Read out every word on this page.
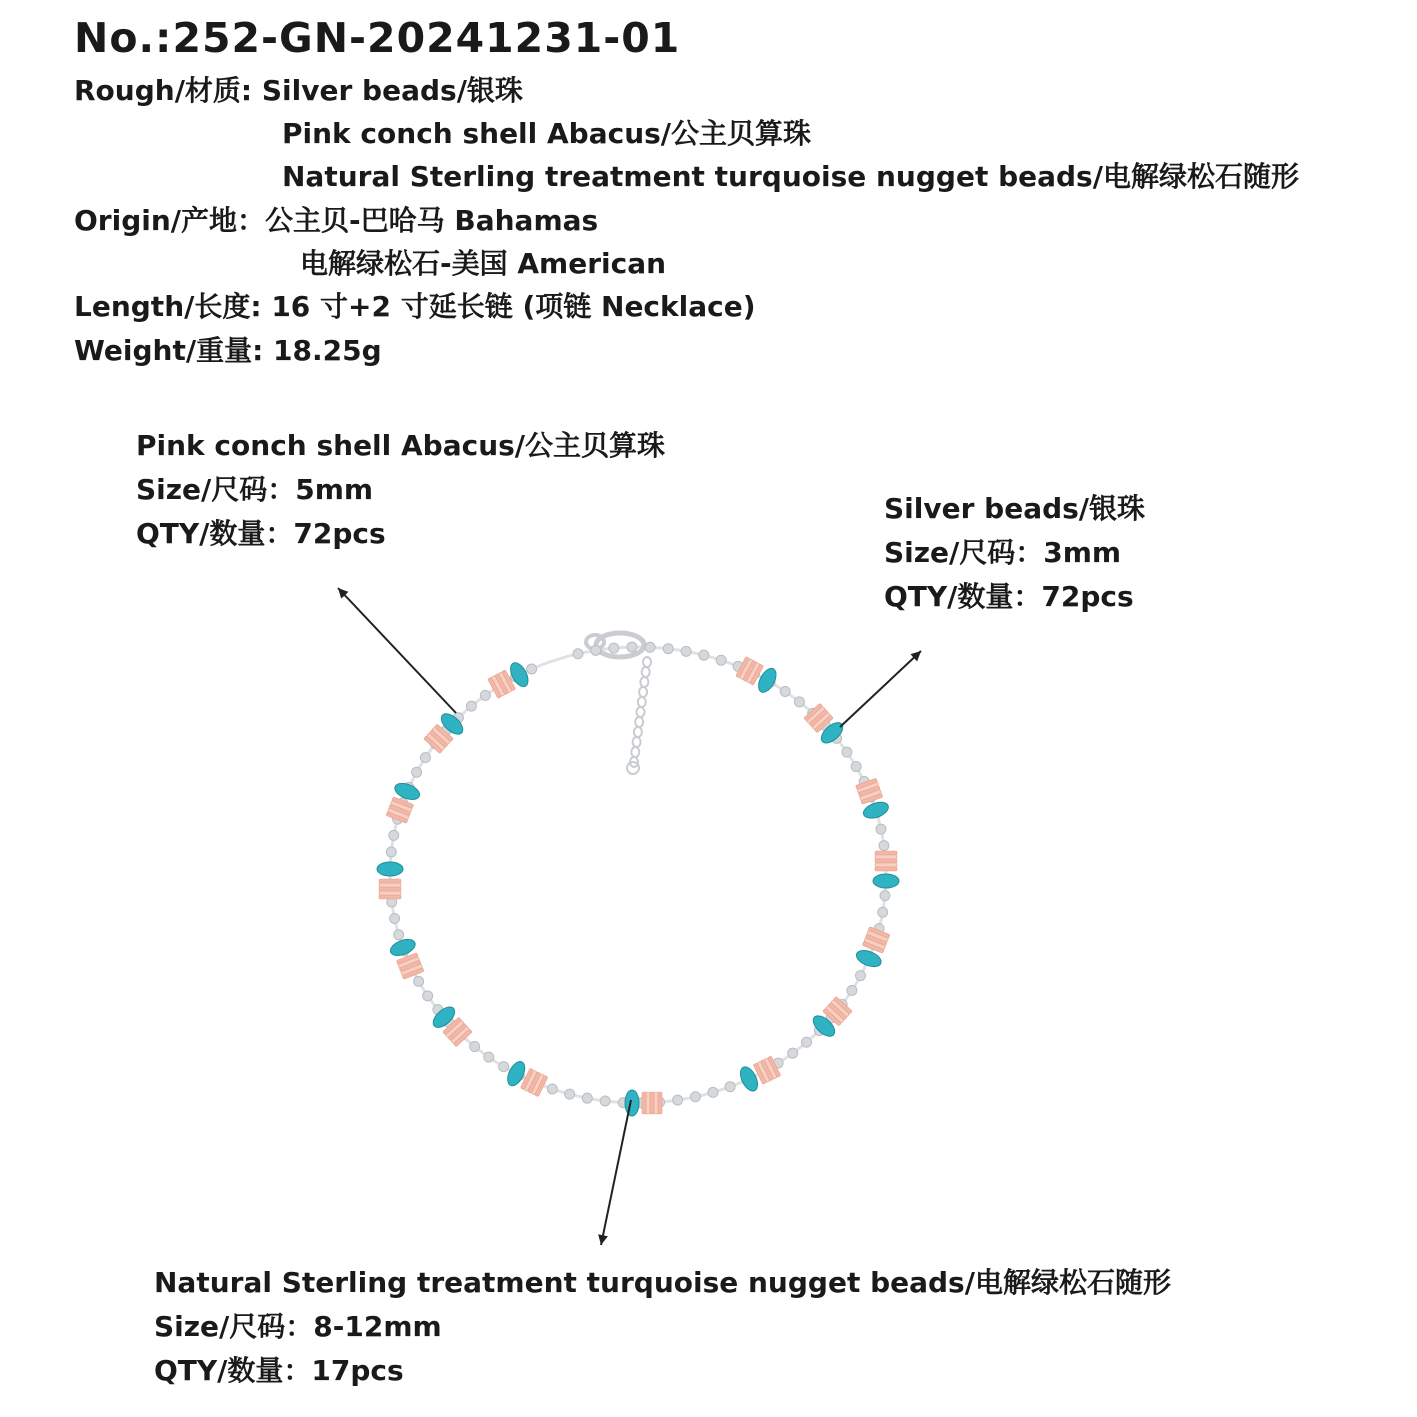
No.:252-GN-20241231-01
Rough/材质: Silver beads/银珠
Pink conch shell Abacus/公主贝算珠
Natural Sterling treatment turquoise nugget beads/电解绿松石随形
Origin/产地：公主贝-巴哈马 Bahamas
电解绿松石-美国 American
Length/长度: 16 寸+2 寸延长链 (项链 Necklace)
Weight/重量: 18.25g
Pink conch shell Abacus/公主贝算珠
Size/尺码：5mm
QTY/数量：72pcs
Silver beads/银珠
Size/尺码：3mm
QTY/数量：72pcs
Natural Sterling treatment turquoise nugget beads/电解绿松石随形
Size/尺码：8-12mm
QTY/数量：17pcs
